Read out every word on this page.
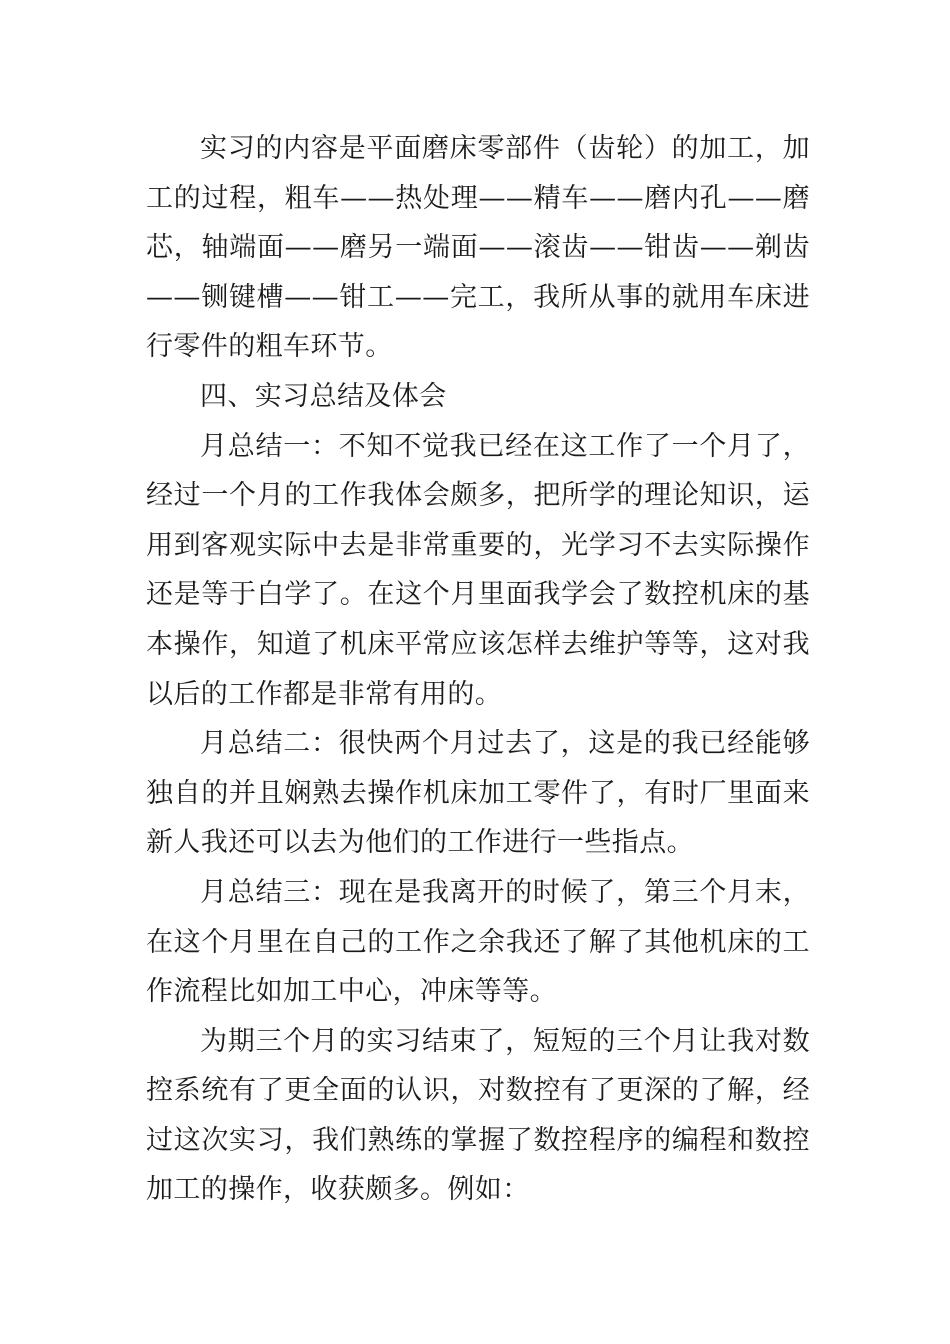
实习的内容是平面磨床零部件（齿轮）的加工，加工的过程，粗车——热处理——精车——磨内孔——磨芯，轴端面——磨另一端面——滚齿——钳齿——剃齿——铡键槽——钳工——完工，我所从事的就用车床进行零件的粗车环节。

四、实习总结及体会

月总结一：不知不觉我已经在这工作了一个月了，经过一个月的工作我体会颇多，把所学的理论知识，运用到客观实际中去是非常重要的，光学习不去实际操作还是等于白学了。在这个月里面我学会了数控机床的基本操作，知道了机床平常应该怎样去维护等等，这对我以后的工作都是非常有用的。

月总结二：很快两个月过去了，这是的我已经能够独自的并且娴熟去操作机床加工零件了，有时厂里面来新人我还可以去为他们的工作进行一些指点。

月总结三：现在是我离开的时候了，第三个月末，在这个月里在自己的工作之余我还了解了其他机床的工作流程比如加工中心，冲床等等。

为期三个月的实习结束了，短短的三个月让我对数控系统有了更全面的认识，对数控有了更深的了解，经过这次实习，我们熟练的掌握了数控程序的编程和数控加工的操作，收获颇多。例如：
